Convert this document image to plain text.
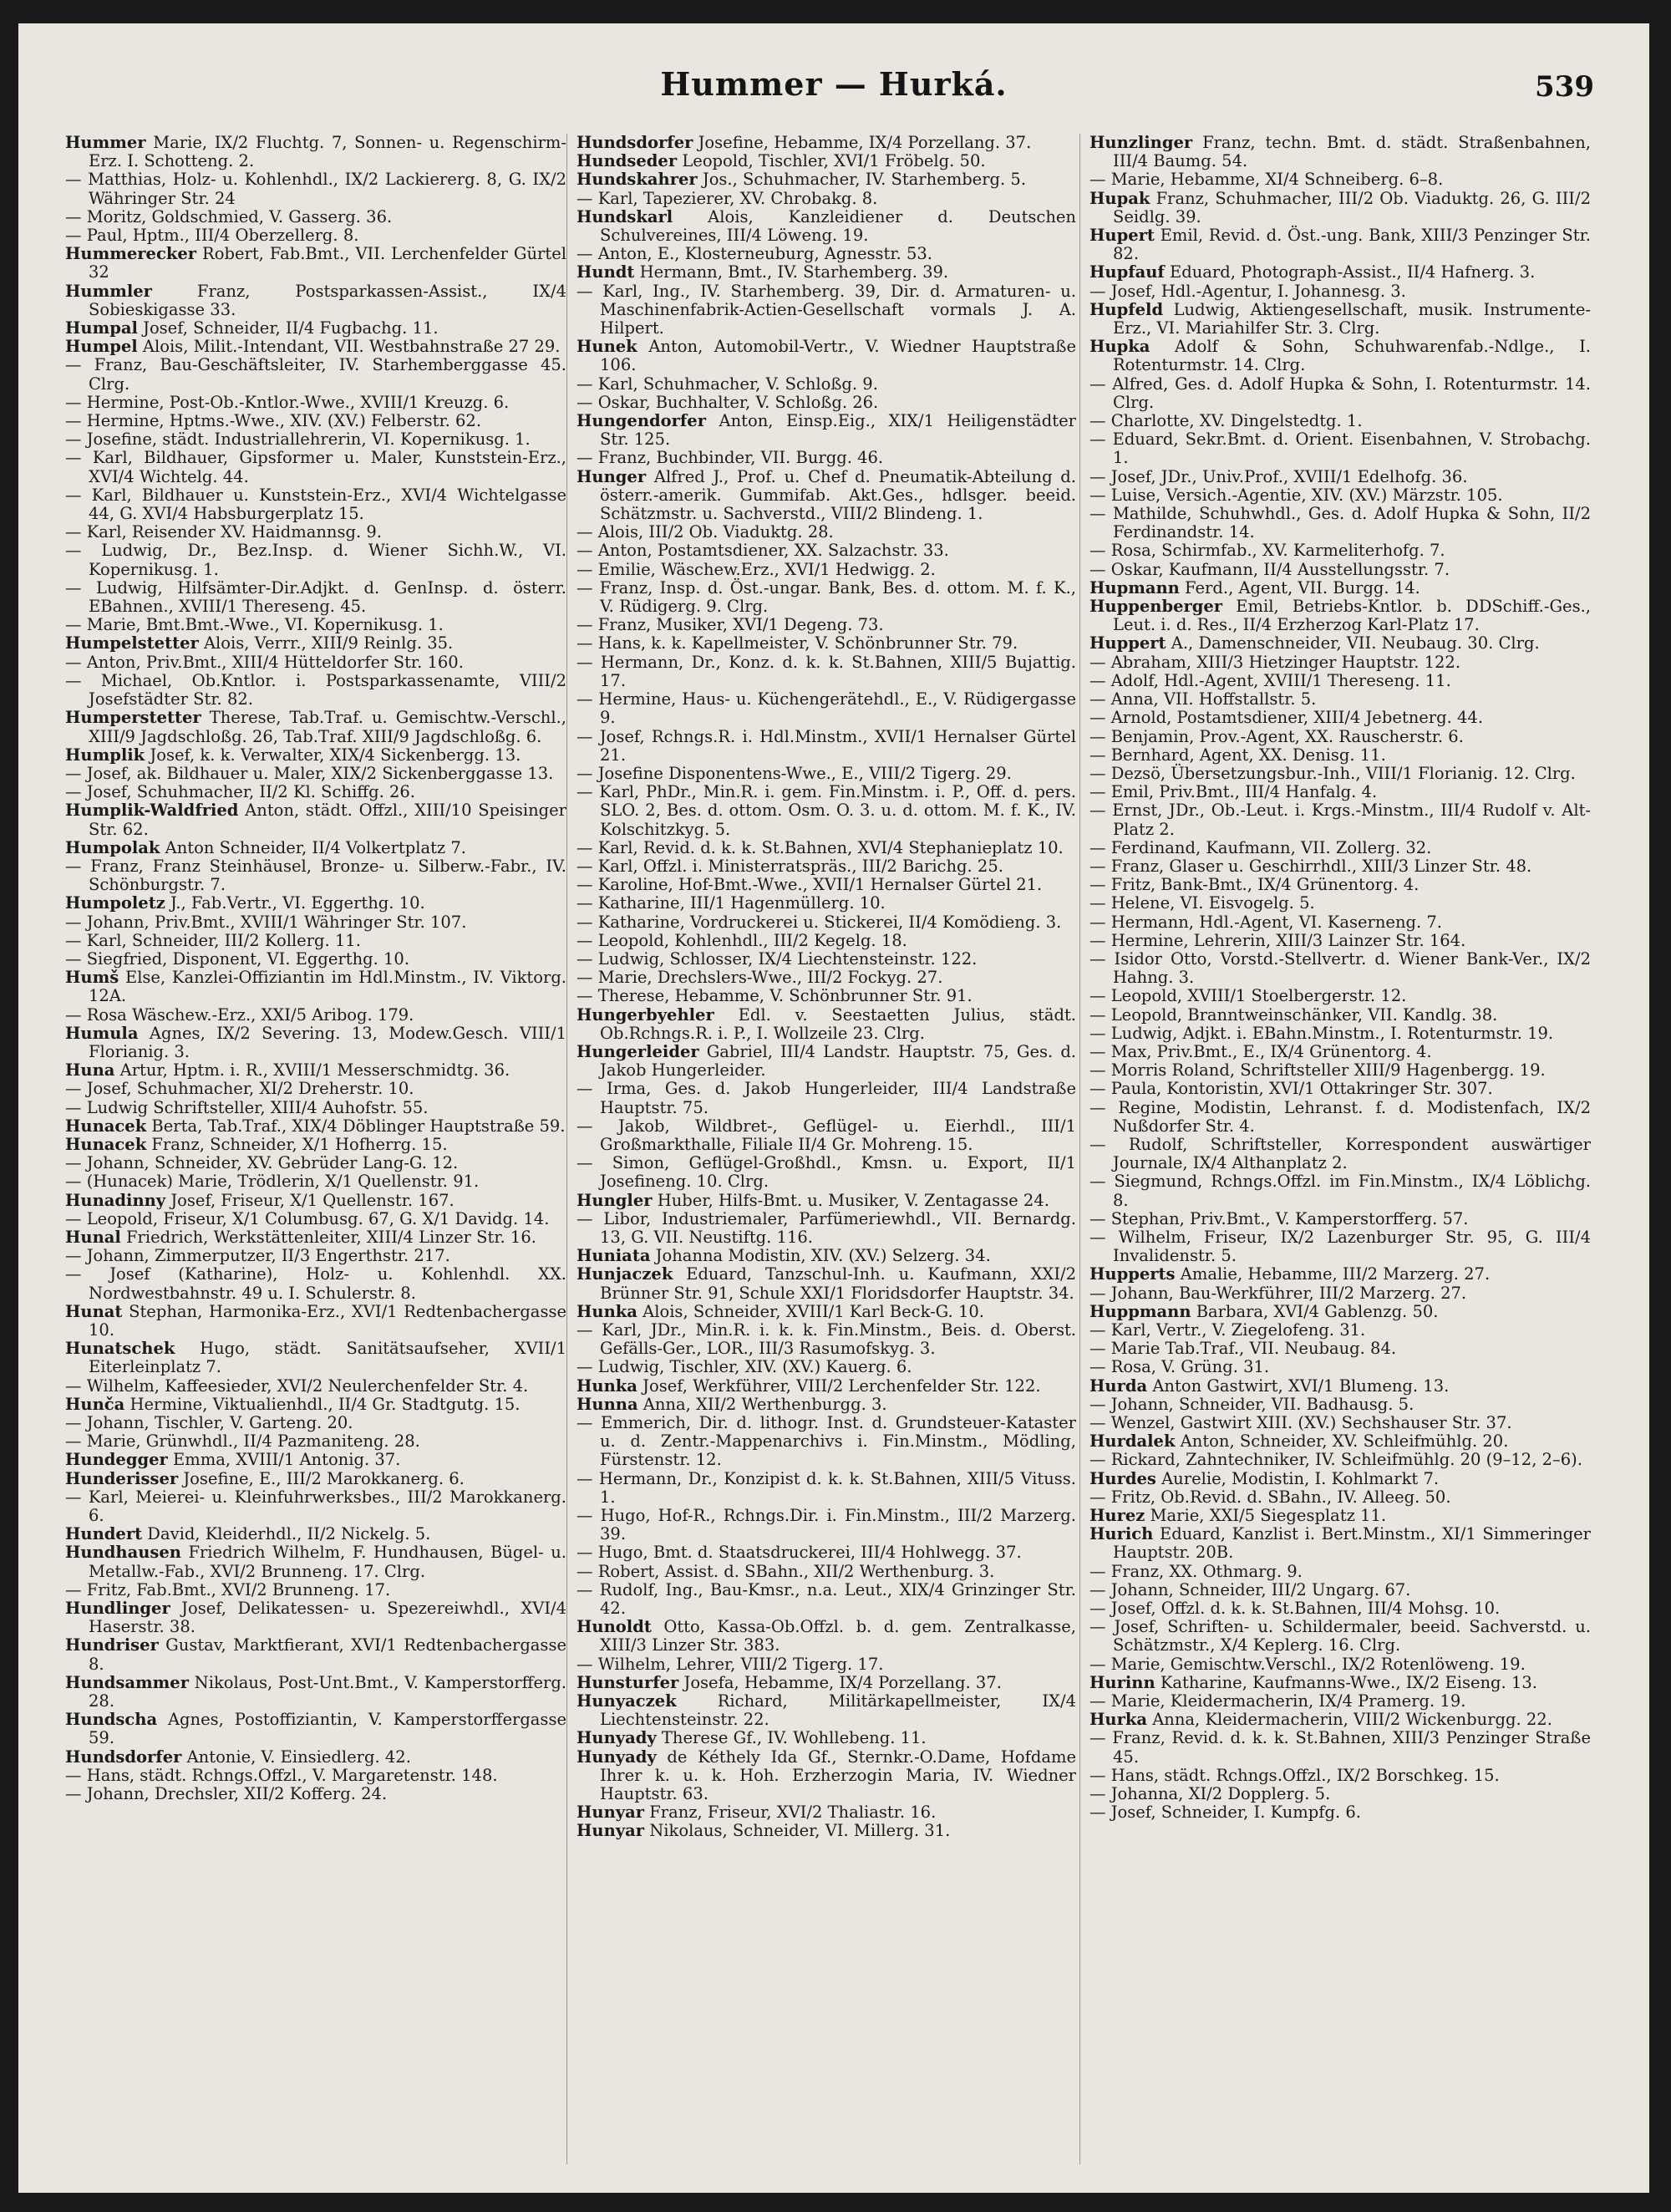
Hummer — Hurká.	539

Hummer Marie, IX/2 Fluchtg. 7, Sonnen- u. Regenschirm-Erz. I. Schotteng. 2.

— Matthias, Holz- u. Kohlenhdl., IX/2 Lackiererg. 8, G. IX/2 Währinger Str. 24

— Moritz, Goldschmied, V. Gasserg. 36.

— Paul, Hptm., III/4 Oberzellerg. 8.

Hummerecker Robert, Fab.Bmt., VII. Lerchenfelder Gürtel 32

Hummler Franz, Postsparkassen-Assist., IX/4 Sobieskigasse 33.

Humpal Josef, Schneider, II/4 Fugbachg. 11.

Humpel Alois, Milit.-Intendant, VII. Westbahnstraße 27 29.

— Franz, Bau-Geschäftsleiter, IV. Starhemberggasse 45. Clrg.

— Hermine, Post-Ob.-Kntlor.-Wwe., XVIII/1 Kreuzg. 6.

— Hermine, Hptms.-Wwe., XIV. (XV.) Felberstr. 62.

— Josefine, städt. Industriallehrerin, VI. Kopernikusg. 1.

— Karl, Bildhauer, Gipsformer u. Maler, Kunststein-Erz., XVI/4 Wichtelg. 44.

— Karl, Bildhauer u. Kunststein-Erz., XVI/4 Wichtelgasse 44, G. XVI/4 Habsburgerplatz 15.

— Karl, Reisender XV. Haidmannsg. 9.

— Ludwig, Dr., Bez.Insp. d. Wiener Sichh.W., VI. Kopernikusg. 1.

— Ludwig, Hilfsämter-Dir.Adjkt. d. GenInsp. d. österr. EBahnen., XVIII/1 Thereseng. 45.

— Marie, Bmt.Bmt.-Wwe., VI. Kopernikusg. 1.

Humpelstetter Alois, Verrr., XIII/9 Reinlg. 35.

— Anton, Priv.Bmt., XIII/4 Hütteldorfer Str. 160.

— Michael, Ob.Kntlor. i. Postsparkassenamte, VIII/2 Josefstädter Str. 82.

Humperstetter Therese, Tab.Traf. u. Gemischtw.-Verschl., XIII/9 Jagdschloßg. 26, Tab.Traf. XIII/9 Jagdschloßg. 6.

Humplik Josef, k. k. Verwalter, XIX/4 Sickenbergg. 13.

— Josef, ak. Bildhauer u. Maler, XIX/2 Sickenberggasse 13.

— Josef, Schuhmacher, II/2 Kl. Schiffg. 26.

Humplik-Waldfried Anton, städt. Offzl., XIII/10 Speisinger Str. 62.

Humpolak Anton Schneider, II/4 Volkertplatz 7.

— Franz, Franz Steinhäusel, Bronze- u. Silberw.-Fabr., IV. Schönburgstr. 7.

Humpoletz J., Fab.Vertr., VI. Eggerthg. 10.

— Johann, Priv.Bmt., XVIII/1 Währinger Str. 107.

— Karl, Schneider, III/2 Kollerg. 11.

— Siegfried, Disponent, VI. Eggerthg. 10.

Humš Else, Kanzlei-Offiziantin im Hdl.Minstm., IV. Viktorg. 12A.

— Rosa Wäschew.-Erz., XXI/5 Aribog. 179.

Humula Agnes, IX/2 Severing. 13, Modew.Gesch. VIII/1 Florianig. 3.

Huna Artur, Hptm. i. R., XVIII/1 Messerschmidtg. 36.

— Josef, Schuhmacher, XI/2 Dreherstr. 10.

— Ludwig Schriftsteller, XIII/4 Auhofstr. 55.

Hunacek Berta, Tab.Traf., XIX/4 Döblinger Hauptstraße 59.

Hunacek Franz, Schneider, X/1 Hofherrg. 15.

— Johann, Schneider, XV. Gebrüder Lang-G. 12.

— (Hunacek) Marie, Trödlerin, X/1 Quellenstr. 91.

Hunadinny Josef, Friseur, X/1 Quellenstr. 167.

— Leopold, Friseur, X/1 Columbusg. 67, G. X/1 Davidg. 14.

Hunal Friedrich, Werkstättenleiter, XIII/4 Linzer Str. 16.

— Johann, Zimmerputzer, II/3 Engerthstr. 217.

— Josef (Katharine), Holz- u. Kohlenhdl. XX. Nordwestbahnstr. 49 u. I. Schulerstr. 8.

Hunat Stephan, Harmonika-Erz., XVI/1 Redtenbachergasse 10.

Hunatschek Hugo, städt. Sanitätsaufseher, XVII/1 Eiterleinplatz 7.

— Wilhelm, Kaffeesieder, XVI/2 Neulerchenfelder Str. 4.

Hunča Hermine, Viktualienhdl., II/4 Gr. Stadtgutg. 15.

— Johann, Tischler, V. Garteng. 20.

— Marie, Grünwhdl., II/4 Pazmaniteng. 28.

Hundegger Emma, XVIII/1 Antonig. 37.

Hunderisser Josefine, E., III/2 Marokkanerg. 6.

— Karl, Meierei- u. Kleinfuhrwerksbes., III/2 Marokkanerg. 6.

Hundert David, Kleiderhdl., II/2 Nickelg. 5.

Hundhausen Friedrich Wilhelm, F. Hundhausen, Bügel- u. Metallw.-Fab., XVI/2 Brunneng. 17. Clrg.

— Fritz, Fab.Bmt., XVI/2 Brunneng. 17.

Hundlinger Josef, Delikatessen- u. Spezereiwhdl., XVI/4 Haserstr. 38.

Hundriser Gustav, Marktfierant, XVI/1 Redtenbachergasse 8.

Hundsammer Nikolaus, Post-Unt.Bmt., V. Kamperstorfferg. 28.

Hundscha Agnes, Postoffiziantin, V. Kamperstorffergasse 59.

Hundsdorfer Antonie, V. Einsiedlerg. 42.

— Hans, städt. Rchngs.Offzl., V. Margaretenstr. 148.

— Johann, Drechsler, XII/2 Kofferg. 24.

Hundsdorfer Josefine, Hebamme, IX/4 Porzellang. 37.

Hundseder Leopold, Tischler, XVI/1 Fröbelg. 50.

Hundskahrer Jos., Schuhmacher, IV. Starhemberg. 5.

— Karl, Tapezierer, XV. Chrobakg. 8.

Hundskarl Alois, Kanzleidiener d. Deutschen Schulvereines, III/4 Löweng. 19.

— Anton, E., Klosterneuburg, Agnesstr. 53.

Hundt Hermann, Bmt., IV. Starhemberg. 39.

— Karl, Ing., IV. Starhemberg. 39, Dir. d. Armaturen- u. Maschinenfabrik-Actien-Gesellschaft vormals J. A. Hilpert.

Hunek Anton, Automobil-Vertr., V. Wiedner Hauptstraße 106.

— Karl, Schuhmacher, V. Schloßg. 9.

— Oskar, Buchhalter, V. Schloßg. 26.

Hungendorfer Anton, Einsp.Eig., XIX/1 Heiligenstädter Str. 125.

— Franz, Buchbinder, VII. Burgg. 46.

Hunger Alfred J., Prof. u. Chef d. Pneumatik-Abteilung d. österr.-amerik. Gummifab. Akt.Ges., hdlsger. beeid. Schätzmstr. u. Sachverstd., VIII/2 Blindeng. 1.

— Alois, III/2 Ob. Viaduktg. 28.

— Anton, Postamtsdiener, XX. Salzachstr. 33.

— Emilie, Wäschew.Erz., XVI/1 Hedwigg. 2.

— Franz, Insp. d. Öst.-ungar. Bank, Bes. d. ottom. M. f. K., V. Rüdigerg. 9. Clrg.

— Franz, Musiker, XVI/1 Degeng. 73.

— Hans, k. k. Kapellmeister, V. Schönbrunner Str. 79.

— Hermann, Dr., Konz. d. k. k. St.Bahnen, XIII/5 Bujattig. 17.

— Hermine, Haus- u. Küchengerätehdl., E., V. Rüdigergasse 9.

— Josef, Rchngs.R. i. Hdl.Minstm., XVII/1 Hernalser Gürtel 21.

— Josefine Disponentens-Wwe., E., VIII/2 Tigerg. 29.

— Karl, PhDr., Min.R. i. gem. Fin.Minstm. i. P., Off. d. pers. SLO. 2, Bes. d. ottom. Osm. O. 3. u. d. ottom. M. f. K., IV. Kolschitzkyg. 5.

— Karl, Revid. d. k. k. St.Bahnen, XVI/4 Stephanieplatz 10.

— Karl, Offzl. i. Ministerratspräs., III/2 Barichg. 25.

— Karoline, Hof-Bmt.-Wwe., XVII/1 Hernalser Gürtel 21.

— Katharine, III/1 Hagenmüllerg. 10.

— Katharine, Vordruckerei u. Stickerei, II/4 Komödieng. 3.

— Leopold, Kohlenhdl., III/2 Kegelg. 18.

— Ludwig, Schlosser, IX/4 Liechtensteinstr. 122.

— Marie, Drechslers-Wwe., III/2 Fockyg. 27.

— Therese, Hebamme, V. Schönbrunner Str. 91.

Hungerbyehler Edl. v. Seestaetten Julius, städt. Ob.Rchngs.R. i. P., I. Wollzeile 23. Clrg.

Hungerleider Gabriel, III/4 Landstr. Hauptstr. 75, Ges. d. Jakob Hungerleider.

— Irma, Ges. d. Jakob Hungerleider, III/4 Landstraße Hauptstr. 75.

— Jakob, Wildbret-, Geflügel- u. Eierhdl., III/1 Großmarkthalle, Filiale II/4 Gr. Mohreng. 15.

— Simon, Geflügel-Großhdl., Kmsn. u. Export, II/1 Josefineng. 10. Clrg.

Hungler Huber, Hilfs-Bmt. u. Musiker, V. Zentagasse 24.

— Libor, Industriemaler, Parfümeriewhdl., VII. Bernardg. 13, G. VII. Neustiftg. 116.

Huniata Johanna Modistin, XIV. (XV.) Selzerg. 34.

Hunjaczek Eduard, Tanzschul-Inh. u. Kaufmann, XXI/2 Brünner Str. 91, Schule XXI/1 Floridsdorfer Hauptstr. 34.

Hunka Alois, Schneider, XVIII/1 Karl Beck-G. 10.

— Karl, JDr., Min.R. i. k. k. Fin.Minstm., Beis. d. Oberst. Gefälls-Ger., LOR., III/3 Rasumofskyg. 3.

— Ludwig, Tischler, XIV. (XV.) Kauerg. 6.

Hunka Josef, Werkführer, VIII/2 Lerchenfelder Str. 122.

Hunna Anna, XII/2 Werthenburgg. 3.

— Emmerich, Dir. d. lithogr. Inst. d. Grundsteuer-Kataster u. d. Zentr.-Mappenarchivs i. Fin.Minstm., Mödling, Fürstenstr. 12.

— Hermann, Dr., Konzipist d. k. k. St.Bahnen, XIII/5 Vituss. 1.

— Hugo, Hof-R., Rchngs.Dir. i. Fin.Minstm., III/2 Marzerg. 39.

— Hugo, Bmt. d. Staatsdruckerei, III/4 Hohlwegg. 37.

— Robert, Assist. d. SBahn., XII/2 Werthenburg. 3.

— Rudolf, Ing., Bau-Kmsr., n.a. Leut., XIX/4 Grinzinger Str. 42.

Hunoldt Otto, Kassa-Ob.Offzl. b. d. gem. Zentralkasse, XIII/3 Linzer Str. 383.

— Wilhelm, Lehrer, VIII/2 Tigerg. 17.

Hunsturfer Josefa, Hebamme, IX/4 Porzellang. 37.

Hunyaczek Richard, Militärkapellmeister, IX/4 Liechtensteinstr. 22.

Hunyady Therese Gf., IV. Wohllebeng. 11.

Hunyady de Kéthely Ida Gf., Sternkr.-O.Dame, Hofdame Ihrer k. u. k. Hoh. Erzherzogin Maria, IV. Wiedner Hauptstr. 63.

Hunyar Franz, Friseur, XVI/2 Thaliastr. 16.

Hunyar Nikolaus, Schneider, VI. Millerg. 31.

Hunzlinger Franz, techn. Bmt. d. städt. Straßenbahnen, III/4 Baumg. 54.

— Marie, Hebamme, XI/4 Schneiberg. 6–8.

Hupak Franz, Schuhmacher, III/2 Ob. Viaduktg. 26, G. III/2 Seidlg. 39.

Hupert Emil, Revid. d. Öst.-ung. Bank, XIII/3 Penzinger Str. 82.

Hupfauf Eduard, Photograph-Assist., II/4 Hafnerg. 3.

— Josef, Hdl.-Agentur, I. Johannesg. 3.

Hupfeld Ludwig, Aktiengesellschaft, musik. Instrumente-Erz., VI. Mariahilfer Str. 3. Clrg.

Hupka Adolf & Sohn, Schuhwarenfab.-Ndlge., I. Rotenturmstr. 14. Clrg.

— Alfred, Ges. d. Adolf Hupka & Sohn, I. Rotenturmstr. 14. Clrg.

— Charlotte, XV. Dingelstedtg. 1.

— Eduard, Sekr.Bmt. d. Orient. Eisenbahnen, V. Strobachg. 1.

— Josef, JDr., Univ.Prof., XVIII/1 Edelhofg. 36.

— Luise, Versich.-Agentie, XIV. (XV.) Märzstr. 105.

— Mathilde, Schuhwhdl., Ges. d. Adolf Hupka & Sohn, II/2 Ferdinandstr. 14.

— Rosa, Schirmfab., XV. Karmeliterhofg. 7.

— Oskar, Kaufmann, II/4 Ausstellungsstr. 7.

Hupmann Ferd., Agent, VII. Burgg. 14.

Huppenberger Emil, Betriebs-Kntlor. b. DDSchiff.-Ges., Leut. i. d. Res., II/4 Erzherzog Karl-Platz 17.

Huppert A., Damenschneider, VII. Neubaug. 30. Clrg.

— Abraham, XIII/3 Hietzinger Hauptstr. 122.

— Adolf, Hdl.-Agent, XVIII/1 Thereseng. 11.

— Anna, VII. Hoffstallstr. 5.

— Arnold, Postamtsdiener, XIII/4 Jebetnerg. 44.

— Benjamin, Prov.-Agent, XX. Rauscherstr. 6.

— Bernhard, Agent, XX. Denisg. 11.

— Dezsö, Übersetzungsbur.-Inh., VIII/1 Florianig. 12. Clrg.

— Emil, Priv.Bmt., III/4 Hanfalg. 4.

— Ernst, JDr., Ob.-Leut. i. Krgs.-Minstm., III/4 Rudolf v. Alt-Platz 2.

— Ferdinand, Kaufmann, VII. Zollerg. 32.

— Franz, Glaser u. Geschirrhdl., XIII/3 Linzer Str. 48.

— Fritz, Bank-Bmt., IX/4 Grünentorg. 4.

— Helene, VI. Eisvogelg. 5.

— Hermann, Hdl.-Agent, VI. Kaserneng. 7.

— Hermine, Lehrerin, XIII/3 Lainzer Str. 164.

— Isidor Otto, Vorstd.-Stellvertr. d. Wiener Bank-Ver., IX/2 Hahng. 3.

— Leopold, XVIII/1 Stoelbergerstr. 12.

— Leopold, Branntweinschänker, VII. Kandlg. 38.

— Ludwig, Adjkt. i. EBahn.Minstm., I. Rotenturmstr. 19.

— Max, Priv.Bmt., E., IX/4 Grünentorg. 4.

— Morris Roland, Schriftsteller XIII/9 Hagenbergg. 19.

— Paula, Kontoristin, XVI/1 Ottakringer Str. 307.

— Regine, Modistin, Lehranst. f. d. Modistenfach, IX/2 Nußdorfer Str. 4.

— Rudolf, Schriftsteller, Korrespondent auswärtiger Journale, IX/4 Althanplatz 2.

— Siegmund, Rchngs.Offzl. im Fin.Minstm., IX/4 Löblichg. 8.

— Stephan, Priv.Bmt., V. Kamperstorfferg. 57.

— Wilhelm, Friseur, IX/2 Lazenburger Str. 95, G. III/4 Invalidenstr. 5.

Hupperts Amalie, Hebamme, III/2 Marzerg. 27.

— Johann, Bau-Werkführer, III/2 Marzerg. 27.

Huppmann Barbara, XVI/4 Gablenzg. 50.

— Karl, Vertr., V. Ziegelofeng. 31.

— Marie Tab.Traf., VII. Neubaug. 84.

— Rosa, V. Grüng. 31.

Hurda Anton Gastwirt, XVI/1 Blumeng. 13.

— Johann, Schneider, VII. Badhausg. 5.

— Wenzel, Gastwirt XIII. (XV.) Sechshauser Str. 37.

Hurdalek Anton, Schneider, XV. Schleifmühlg. 20.

— Rickard, Zahntechniker, IV. Schleifmühlg. 20 (9–12, 2–6).

Hurdes Aurelie, Modistin, I. Kohlmarkt 7.

— Fritz, Ob.Revid. d. SBahn., IV. Alleeg. 50.

Hurez Marie, XXI/5 Siegesplatz 11.

Hurich Eduard, Kanzlist i. Bert.Minstm., XI/1 Simmeringer Hauptstr. 20B.

— Franz, XX. Othmarg. 9.

— Johann, Schneider, III/2 Ungarg. 67.

— Josef, Offzl. d. k. k. St.Bahnen, III/4 Mohsg. 10.

— Josef, Schriften- u. Schildermaler, beeid. Sachverstd. u. Schätzmstr., X/4 Keplerg. 16. Clrg.

— Marie, Gemischtw.Verschl., IX/2 Rotenlöweng. 19.

Hurinn Katharine, Kaufmanns-Wwe., IX/2 Eiseng. 13.

— Marie, Kleidermacherin, IX/4 Pramerg. 19.

Hurka Anna, Kleidermacherin, VIII/2 Wickenburgg. 22.

— Franz, Revid. d. k. k. St.Bahnen, XIII/3 Penzinger Straße 45.

— Hans, städt. Rchngs.Offzl., IX/2 Borschkeg. 15.

— Johanna, XI/2 Dopplerg. 5.

— Josef, Schneider, I. Kumpfg. 6.
